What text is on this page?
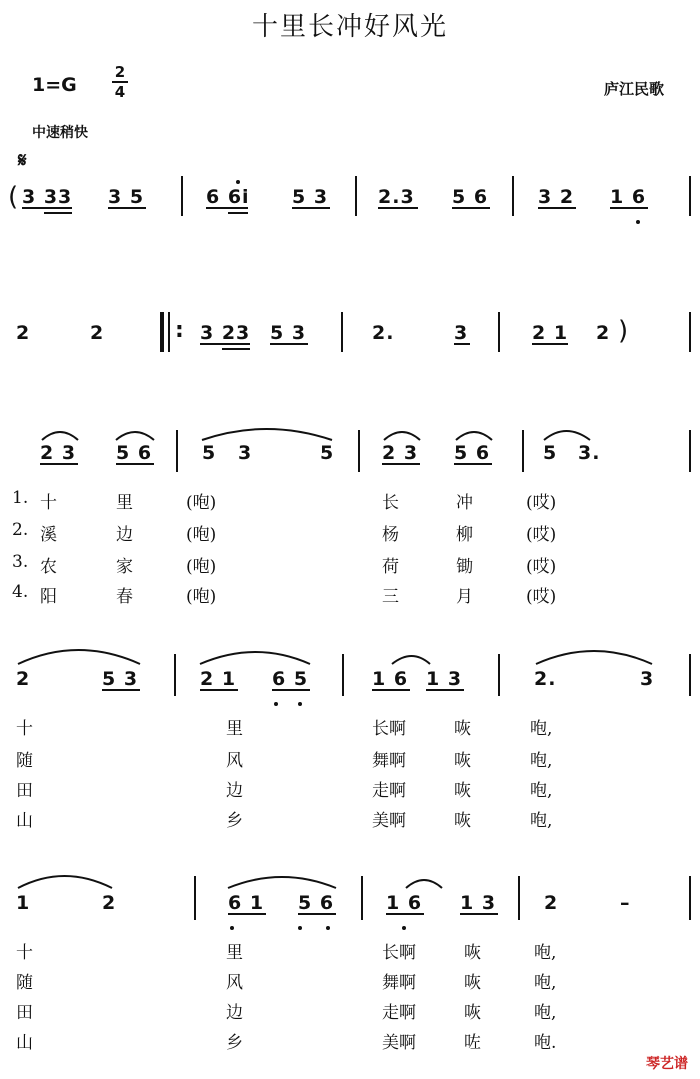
十里长冲好风光
1=G
2
4	庐江民歌
中速稍快
𝄋
( 3 33 3 5	6 6i 5 3	2.3 5 6	3 2 1 6
2	2	: 3 23 5 3	2.	3	2 1 2 )
2 3 5 6	5 3	5	2 3 5 6	5 3.
1. 十	里	(咆)	长	冲	(哎)
2. 溪	边	(咆)	杨	柳	(哎)
3. 农	家	(咆)	荷	锄	(哎)
4. 阳	春	(咆)	三	月	(哎)
2	5 3	2 1 6 5	1 6 1 3	2.	3
十	里	长啊	咴	咆,
随	风	舞啊	咴	咆,
田	边	走啊	咴	咆,
山	乡	美啊	咴	咆,
1	2	6 1 5 6	1 6 1 3	2	–
十	里	长啊	咴	咆,
随	风	舞啊	咴	咆,
田	边	走啊	咴	咆,
山	乡	美啊	咗	咆.
琴艺谱
